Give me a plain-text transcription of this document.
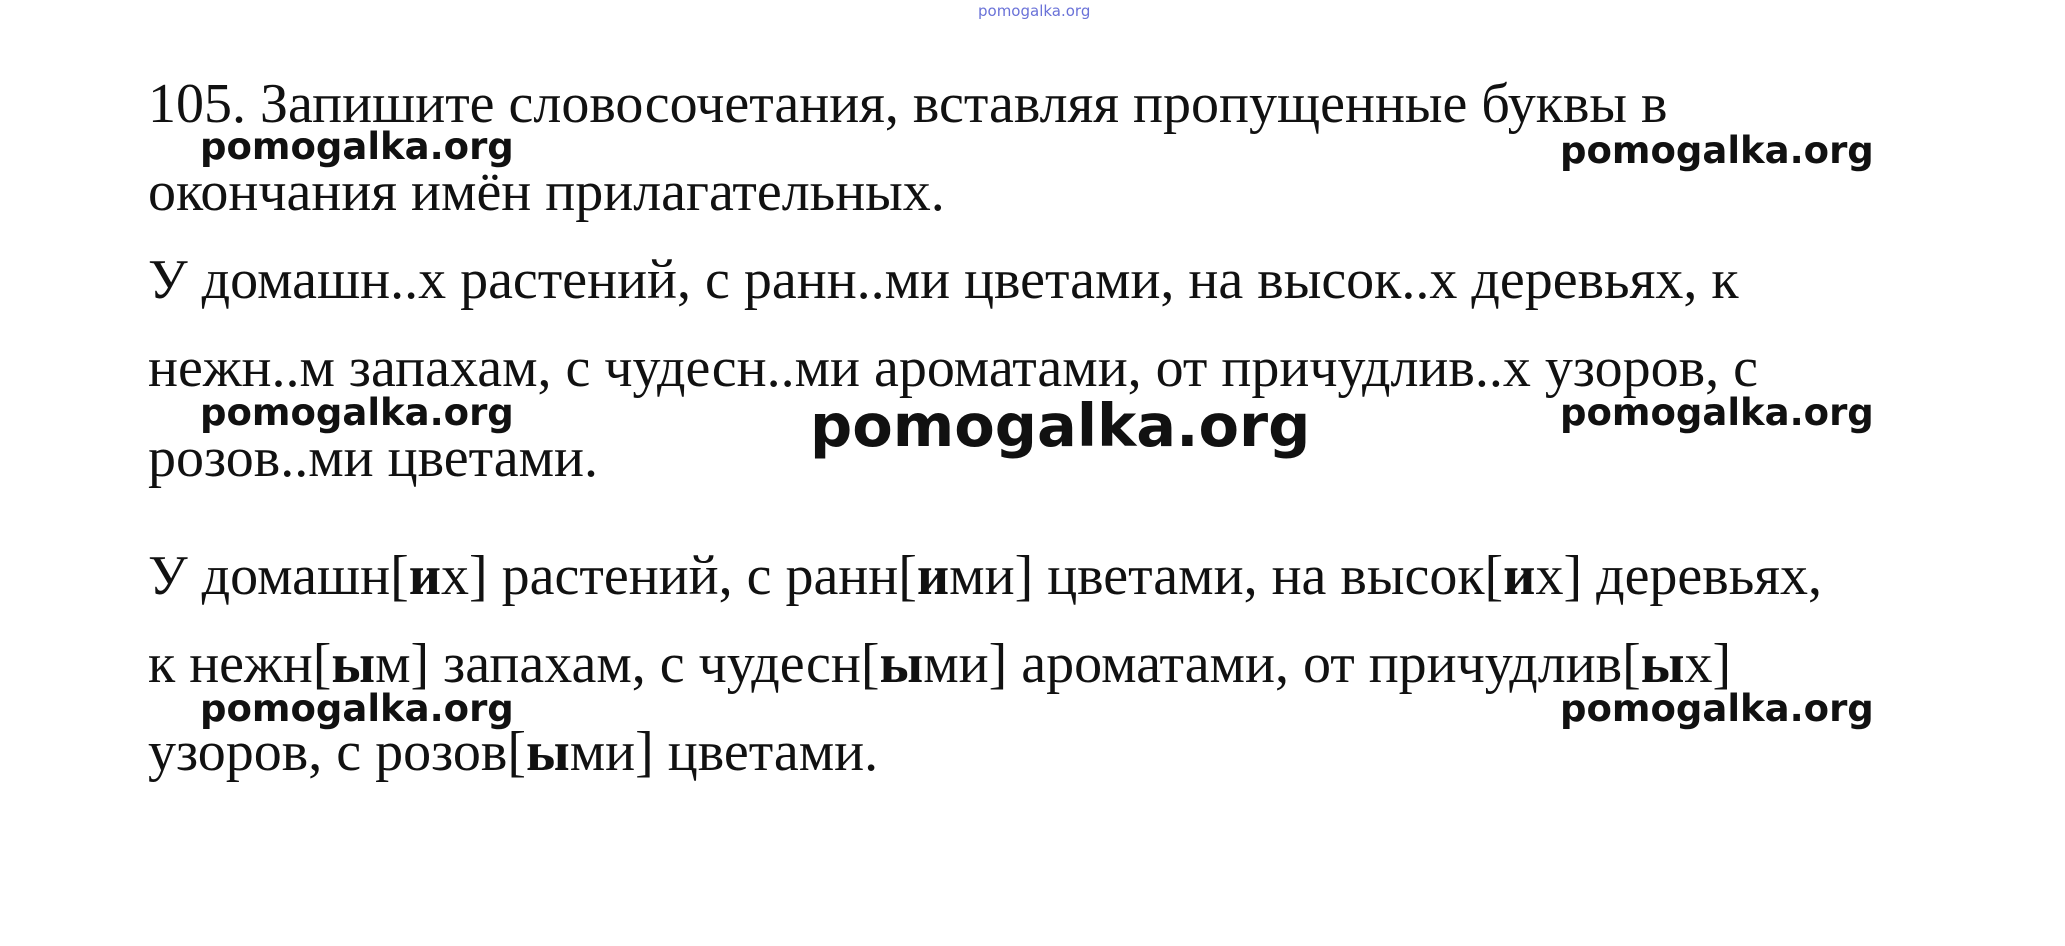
pomogalka.org
105. Запишите словосочетания, вставляя пропущенные буквы в
окончания имён прилагательных.
У домашн..х растений, с ранн..ми цветами, на высок..х деревьях, к
нежн..м запахам, с чудесн..ми ароматами, от причудлив..х узоров, с
розов..ми цветами.
У домашн[их] растений, с ранн[ими] цветами, на высок[их] деревьях,
к нежн[ым] запахам, с чудесн[ыми] ароматами, от причудлив[ых]
узоров, с розов[ыми] цветами.
pomogalka.org	pomogalka.org
pomogalka.org	pomogalka.org	pomogalka.org
pomogalka.org	pomogalka.org
